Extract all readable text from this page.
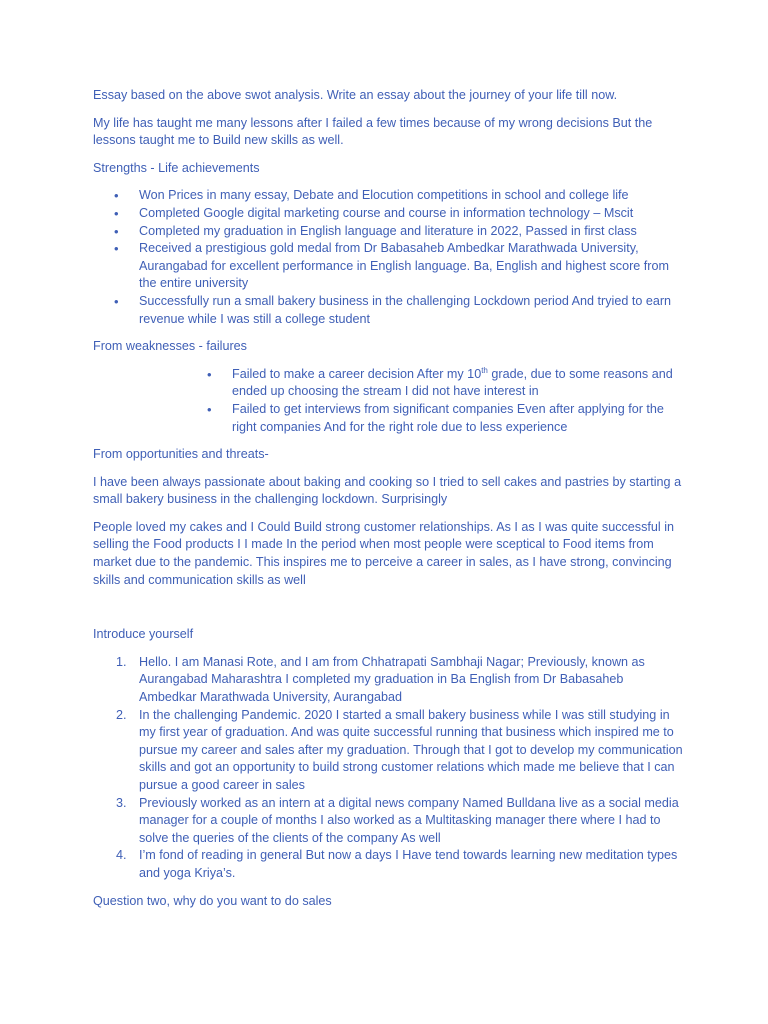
Essay based on the above swot analysis. Write an essay about the journey of your life till now.

My life has taught me many lessons after I failed a few times because of my wrong decisions But the lessons taught me to Build new skills as well.

Strengths - Life achievements

• Won Prices in many essay, Debate and Elocution competitions in school and college life
• Completed Google digital marketing course and course in information technology – Mscit
• Completed my graduation in English language and literature in 2022, Passed in first class
• Received a prestigious gold medal from Dr Babasaheb Ambedkar Marathwada University, Aurangabad for excellent performance in English language. Ba, English and highest score from the entire university
• Successfully run a small bakery business in the challenging Lockdown period And tryied to earn revenue while I was still a college student

From weaknesses - failures

• Failed to make a career decision After my 10th grade, due to some reasons and ended up choosing the stream I did not have interest in
• Failed to get interviews from significant companies Even after applying for the right companies And for the right role due to less experience

From opportunities and threats-

I have been always passionate about baking and cooking so I tried to sell cakes and pastries by starting a small bakery business in the challenging lockdown. Surprisingly

People loved my cakes and I Could Build strong customer relationships. As I as I was quite successful in selling the Food products I I made In the period when most people were sceptical to Food items from market due to the pandemic. This inspires me to perceive a career in sales, as I have strong, convincing skills and communication skills as well

Introduce yourself

1. Hello. I am Manasi Rote, and I am from Chhatrapati Sambhaji Nagar; Previously, known as Aurangabad Maharashtra I completed my graduation in Ba English from Dr Babasaheb Ambedkar Marathwada University, Aurangabad
2. In the challenging Pandemic. 2020 I started a small bakery business while I was still studying in my first year of graduation. And was quite successful running that business which inspired me to pursue my career and sales after my graduation. Through that I got to develop my communication skills and got an opportunity to build strong customer relations which made me believe that I can pursue a good career in sales
3. Previously worked as an intern at a digital news company Named Bulldana live as a social media manager for a couple of months I also worked as a Multitasking manager there where I had to solve the queries of the clients of the company As well
4. I’m fond of reading in general But now a days I Have tend towards learning new meditation types and yoga Kriya’s.

Question two, why do you want to do sales
